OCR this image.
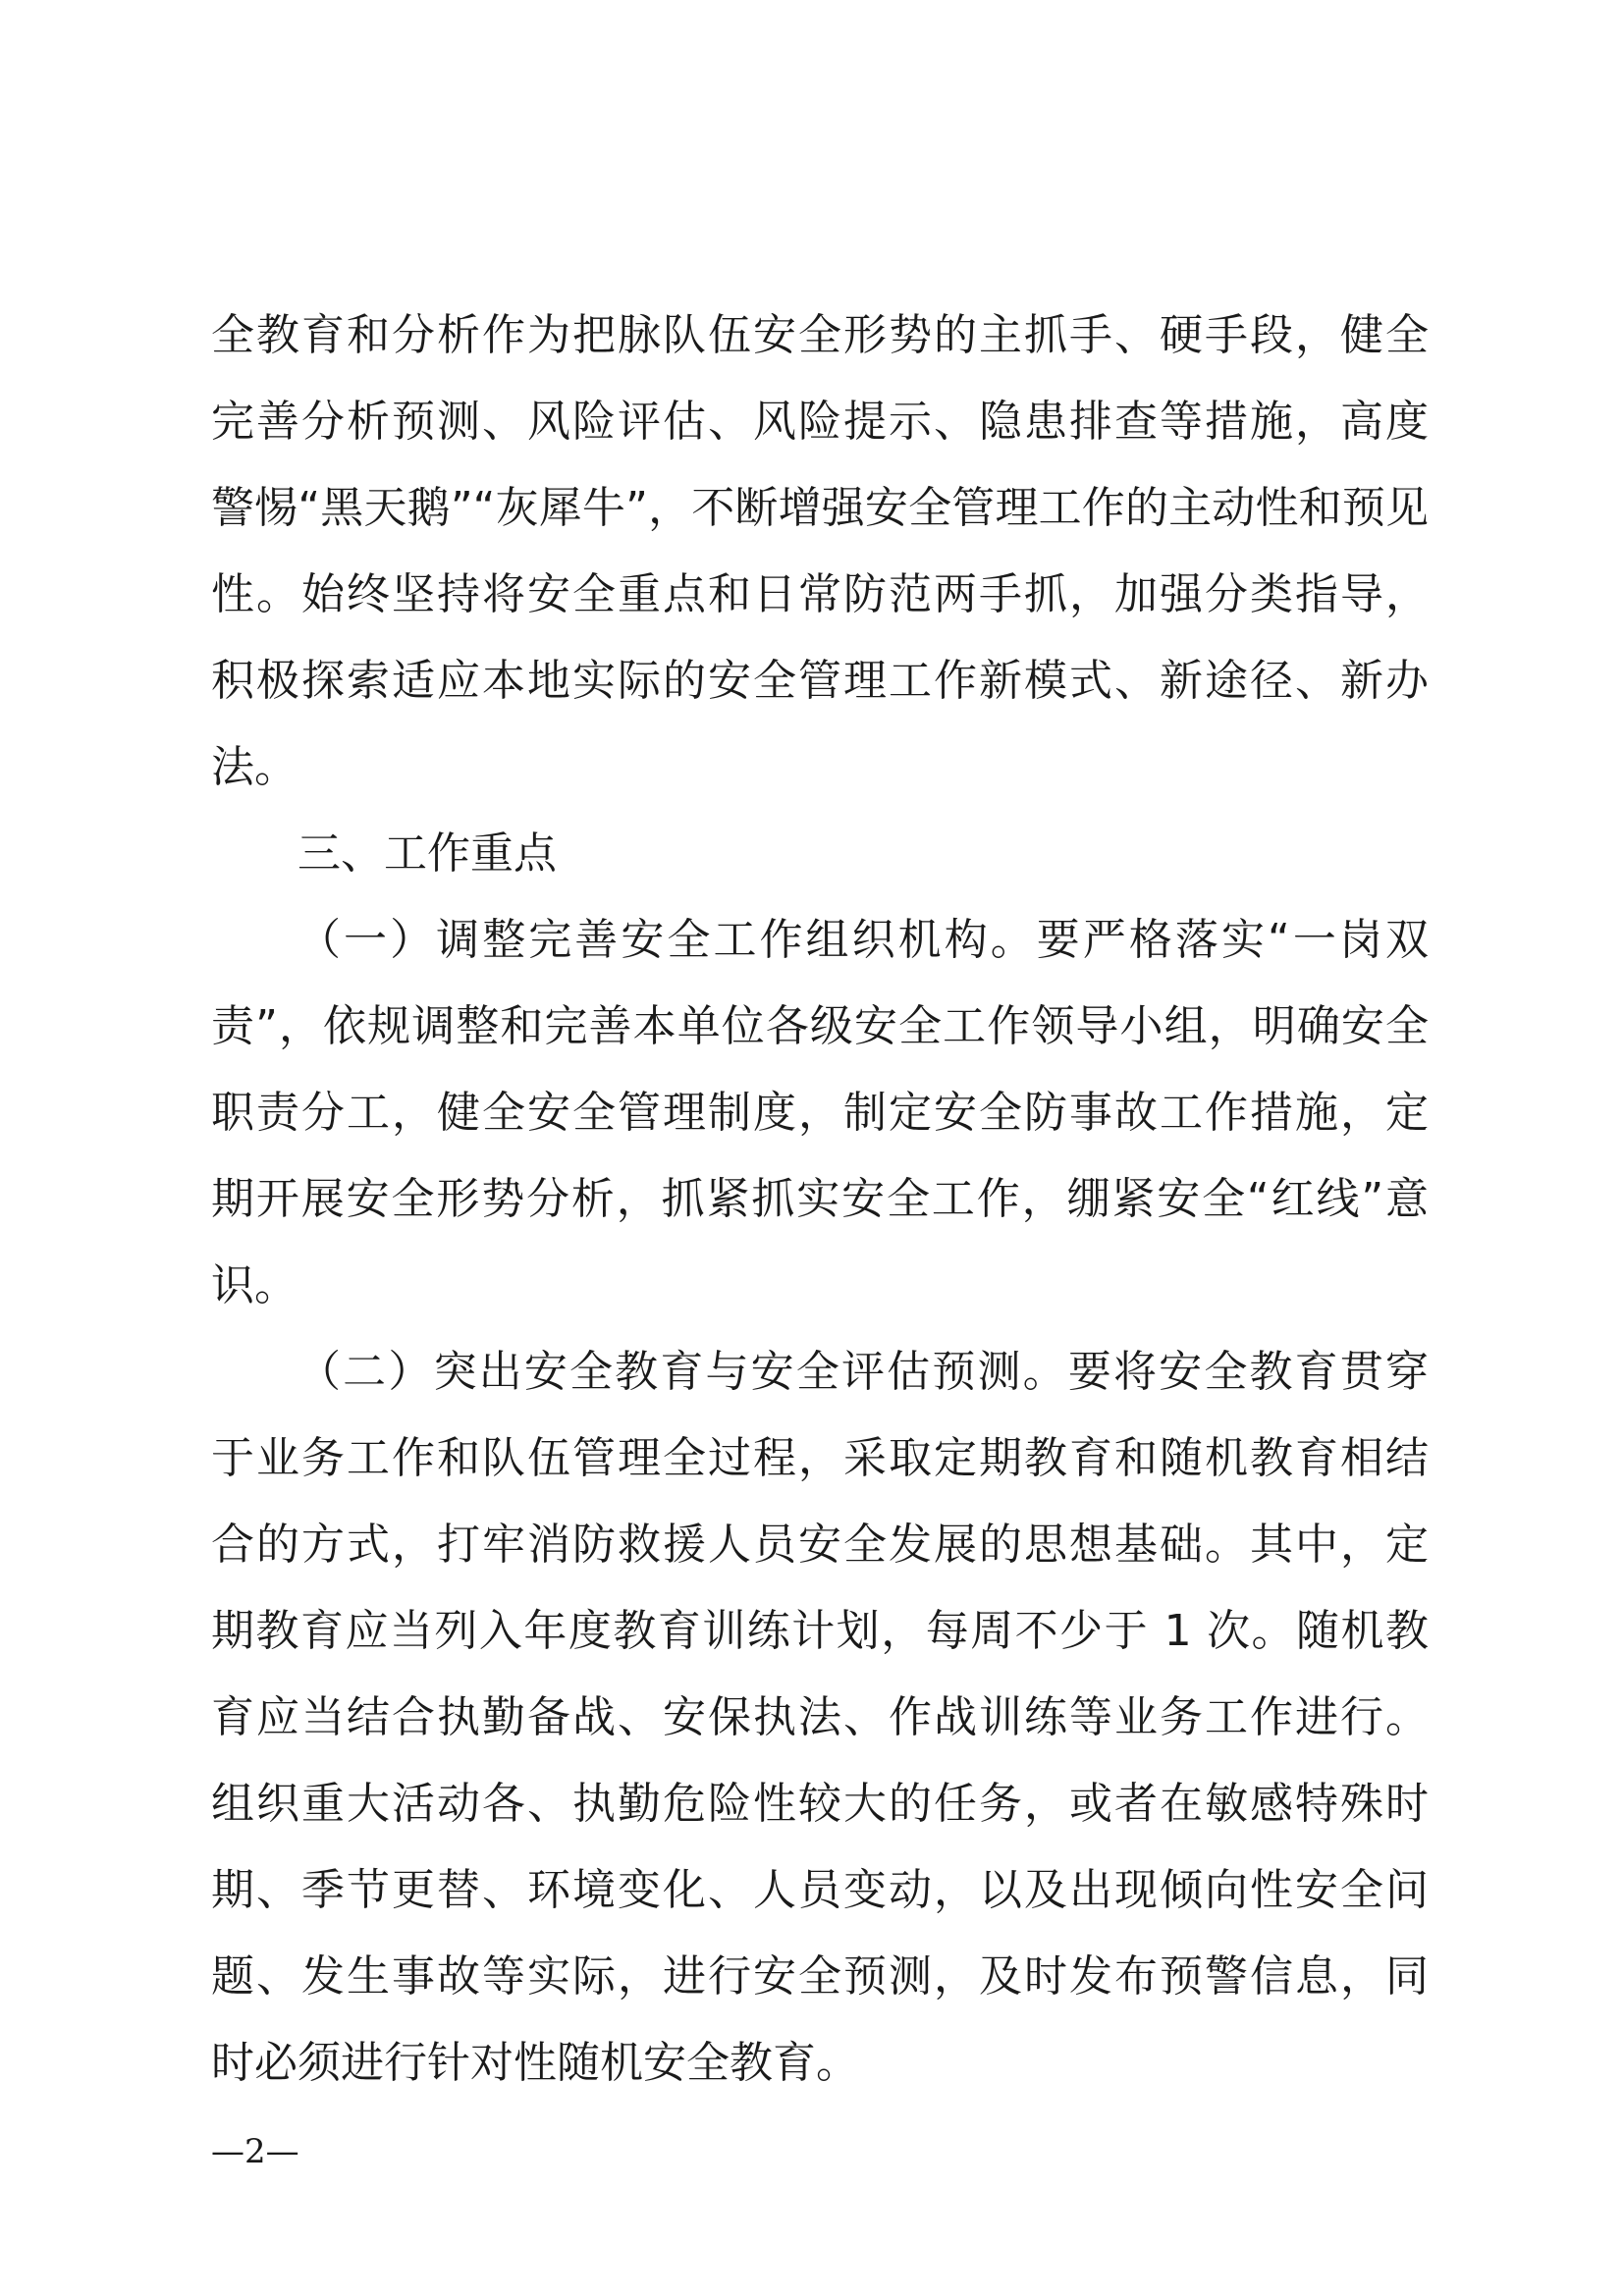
全教育和分析作为把脉队伍安全形势的主抓手、硬手段，健全
完善分析预测、风险评估、风险提示、隐患排查等措施，高度
警惕“黑天鹅”“灰犀牛”，不断增强安全管理工作的主动性和预见
性。始终坚持将安全重点和日常防范两手抓，加强分类指导，
积极探索适应本地实际的安全管理工作新模式、新途径、新办
法。
三、工作重点
（一）调整完善安全工作组织机构。要严格落实“一岗双
责”，依规调整和完善本单位各级安全工作领导小组，明确安全
职责分工，健全安全管理制度，制定安全防事故工作措施，定
期开展安全形势分析，抓紧抓实安全工作，绷紧安全“红线”意
识。
（二）突出安全教育与安全评估预测。要将安全教育贯穿
于业务工作和队伍管理全过程，采取定期教育和随机教育相结
合的方式，打牢消防救援人员安全发展的思想基础。其中，定
期教育应当列入年度教育训练计划，每周不少于 1 次。随机教
育应当结合执勤备战、安保执法、作战训练等业务工作进行。
组织重大活动各、执勤危险性较大的任务，或者在敏感特殊时
期、季节更替、环境变化、人员变动，以及出现倾向性安全问
题、发生事故等实际，进行安全预测，及时发布预警信息，同
时必须进行针对性随机安全教育。
—2—
